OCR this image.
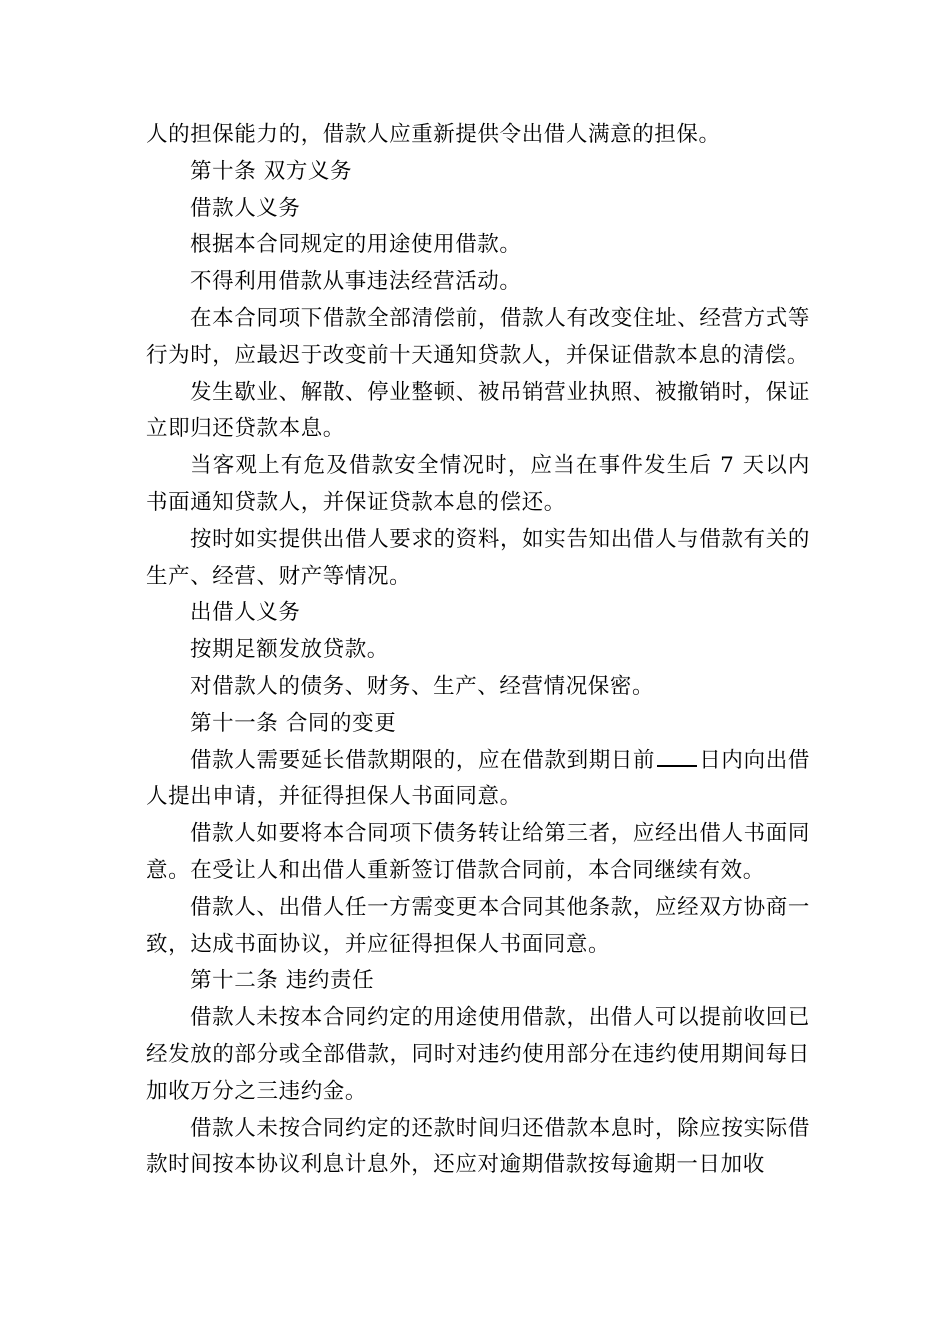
人的担保能力的，借款人应重新提供令出借人满意的担保。

第十条 双方义务

借款人义务

根据本合同规定的用途使用借款。

不得利用借款从事违法经营活动。

在本合同项下借款全部清偿前，借款人有改变住址、经营方式等行为时，应最迟于改变前十天通知贷款人，并保证借款本息的清偿。

发生歇业、解散、停业整顿、被吊销营业执照、被撤销时，保证立即归还贷款本息。

当客观上有危及借款安全情况时，应当在事件发生后 7 天以内书面通知贷款人，并保证贷款本息的偿还。

按时如实提供出借人要求的资料，如实告知出借人与借款有关的生产、经营、财产等情况。

出借人义务

按期足额发放贷款。

对借款人的债务、财务、生产、经营情况保密。

第十一条 合同的变更

借款人需要延长借款期限的，应在借款到期日前 日内向出借人提出申请，并征得担保人书面同意。

借款人如要将本合同项下债务转让给第三者，应经出借人书面同意。在受让人和出借人重新签订借款合同前，本合同继续有效。

借款人、出借人任一方需变更本合同其他条款，应经双方协商一致，达成书面协议，并应征得担保人书面同意。

第十二条 违约责任

借款人未按本合同约定的用途使用借款，出借人可以提前收回已经发放的部分或全部借款，同时对违约使用部分在违约使用期间每日加收万分之三违约金。

借款人未按合同约定的还款时间归还借款本息时，除应按实际借款时间按本协议利息计息外，还应对逾期借款按每逾期一日加收
